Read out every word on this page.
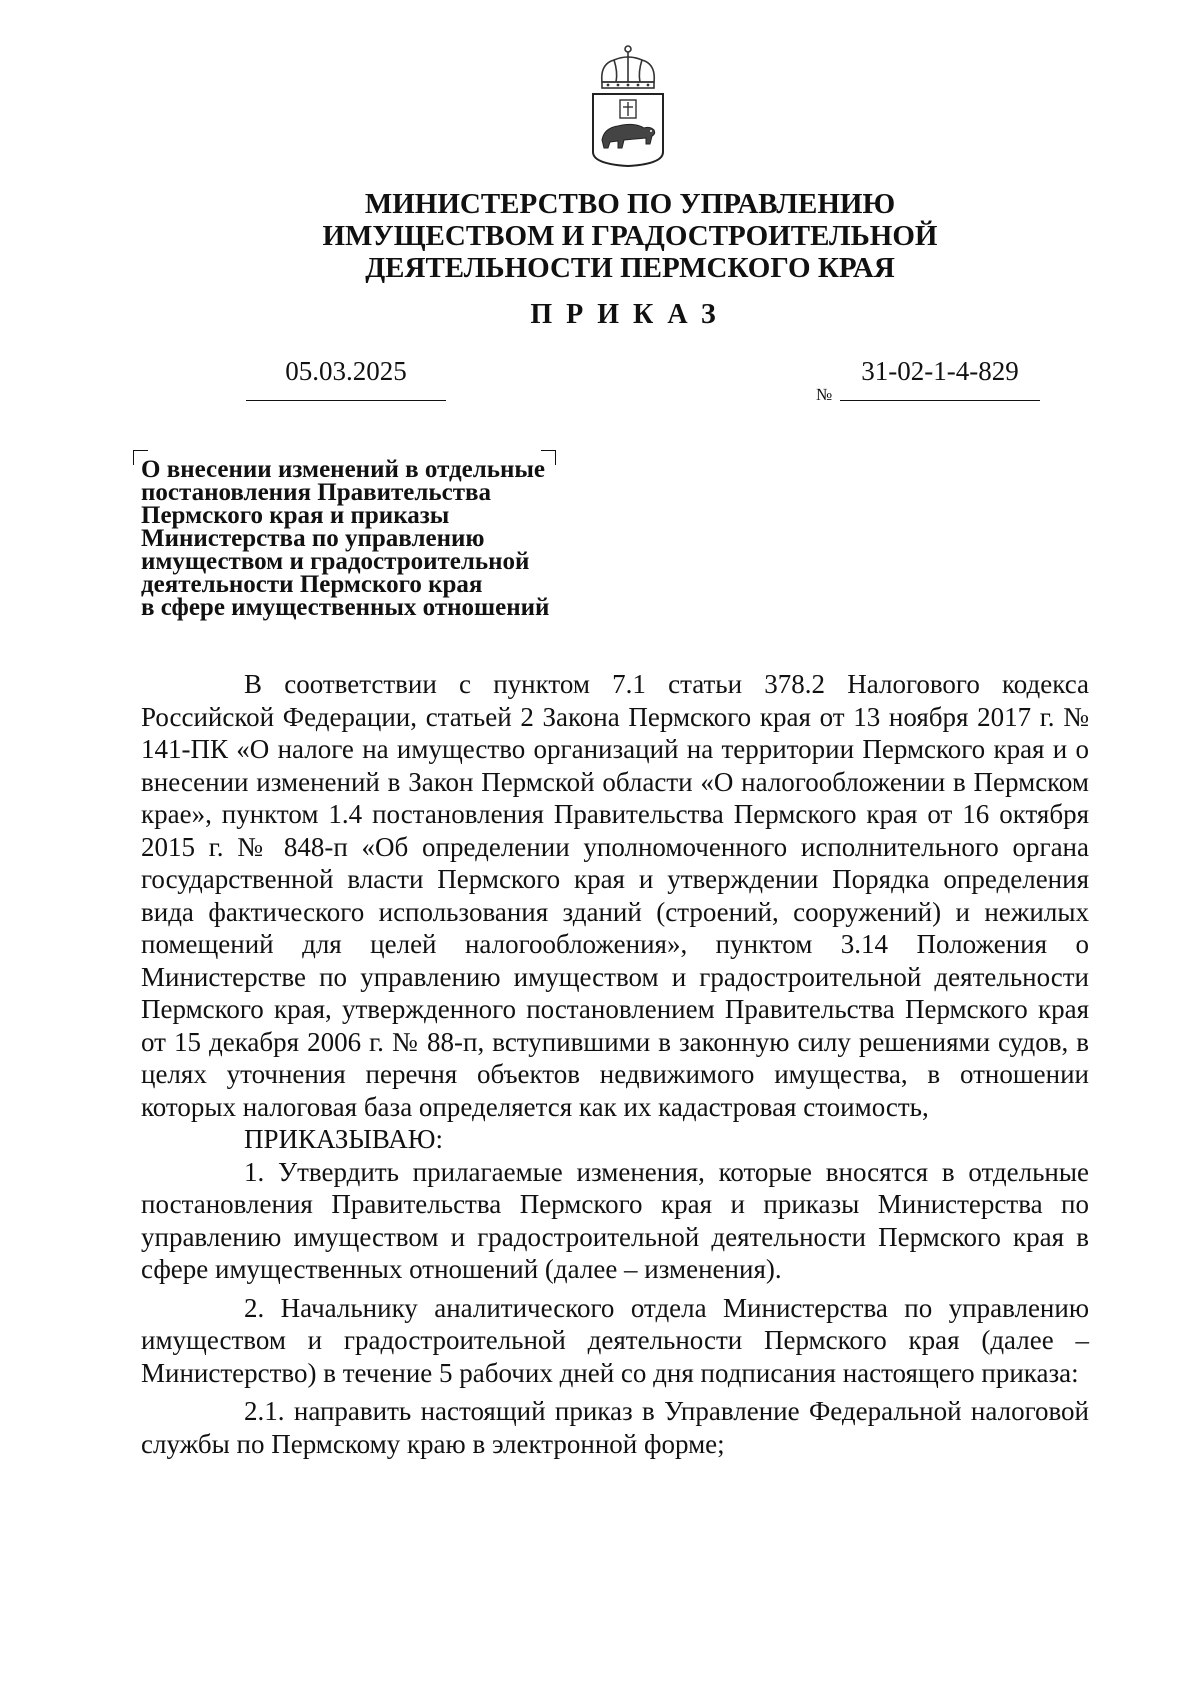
МИНИСТЕРСТВО ПО УПРАВЛЕНИЮ
ИМУЩЕСТВОМ И ГРАДОСТРОИТЕЛЬНОЙ
ДЕЯТЕЛЬНОСТИ ПЕРМСКОГО КРАЯ
ПРИКАЗ
05.03.2025
№
31-02-1-4-829
О внесении изменений в отдельные
постановления Правительства
Пермского края и приказы
Министерства по управлению
имуществом и градостроительной
деятельности Пермского края
в сфере имущественных отношений

В соответствии с пунктом 7.1 статьи 378.2 Налогового кодекса Российской Федерации, статьей 2 Закона Пермского края от 13 ноября 2017 г. № 141-ПК «О налоге на имущество организаций на территории Пермского края и о внесении изменений в Закон Пермской области «О налогообложении в Пермском крае», пунктом 1.4 постановления Правительства Пермского края от 16 октября 2015 г. № 848-п «Об определении уполномоченного исполнительного органа государственной власти Пермского края и утверждении Порядка определения вида фактического использования зданий (строений, сооружений) и нежилых помещений для целей налогообложения», пунктом 3.14 Положения о Министерстве по управлению имуществом и градостроительной деятельности Пермского края, утвержденного постановлением Правительства Пермского края от 15 декабря 2006 г. № 88-п, вступившими в законную силу решениями судов, в целях уточнения перечня объектов недвижимого имущества, в отношении которых налоговая база определяется как их кадастровая стоимость,

ПРИКАЗЫВАЮ:

1. Утвердить прилагаемые изменения, которые вносятся в отдельные постановления Правительства Пермского края и приказы Министерства по управлению имуществом и градостроительной деятельности Пермского края в сфере имущественных отношений (далее – изменения).

2. Начальнику аналитического отдела Министерства по управлению имуществом и градостроительной деятельности Пермского края (далее – Министерство) в течение 5 рабочих дней со дня подписания настоящего приказа:

2.1. направить настоящий приказ в Управление Федеральной налоговой службы по Пермскому краю в электронной форме;
